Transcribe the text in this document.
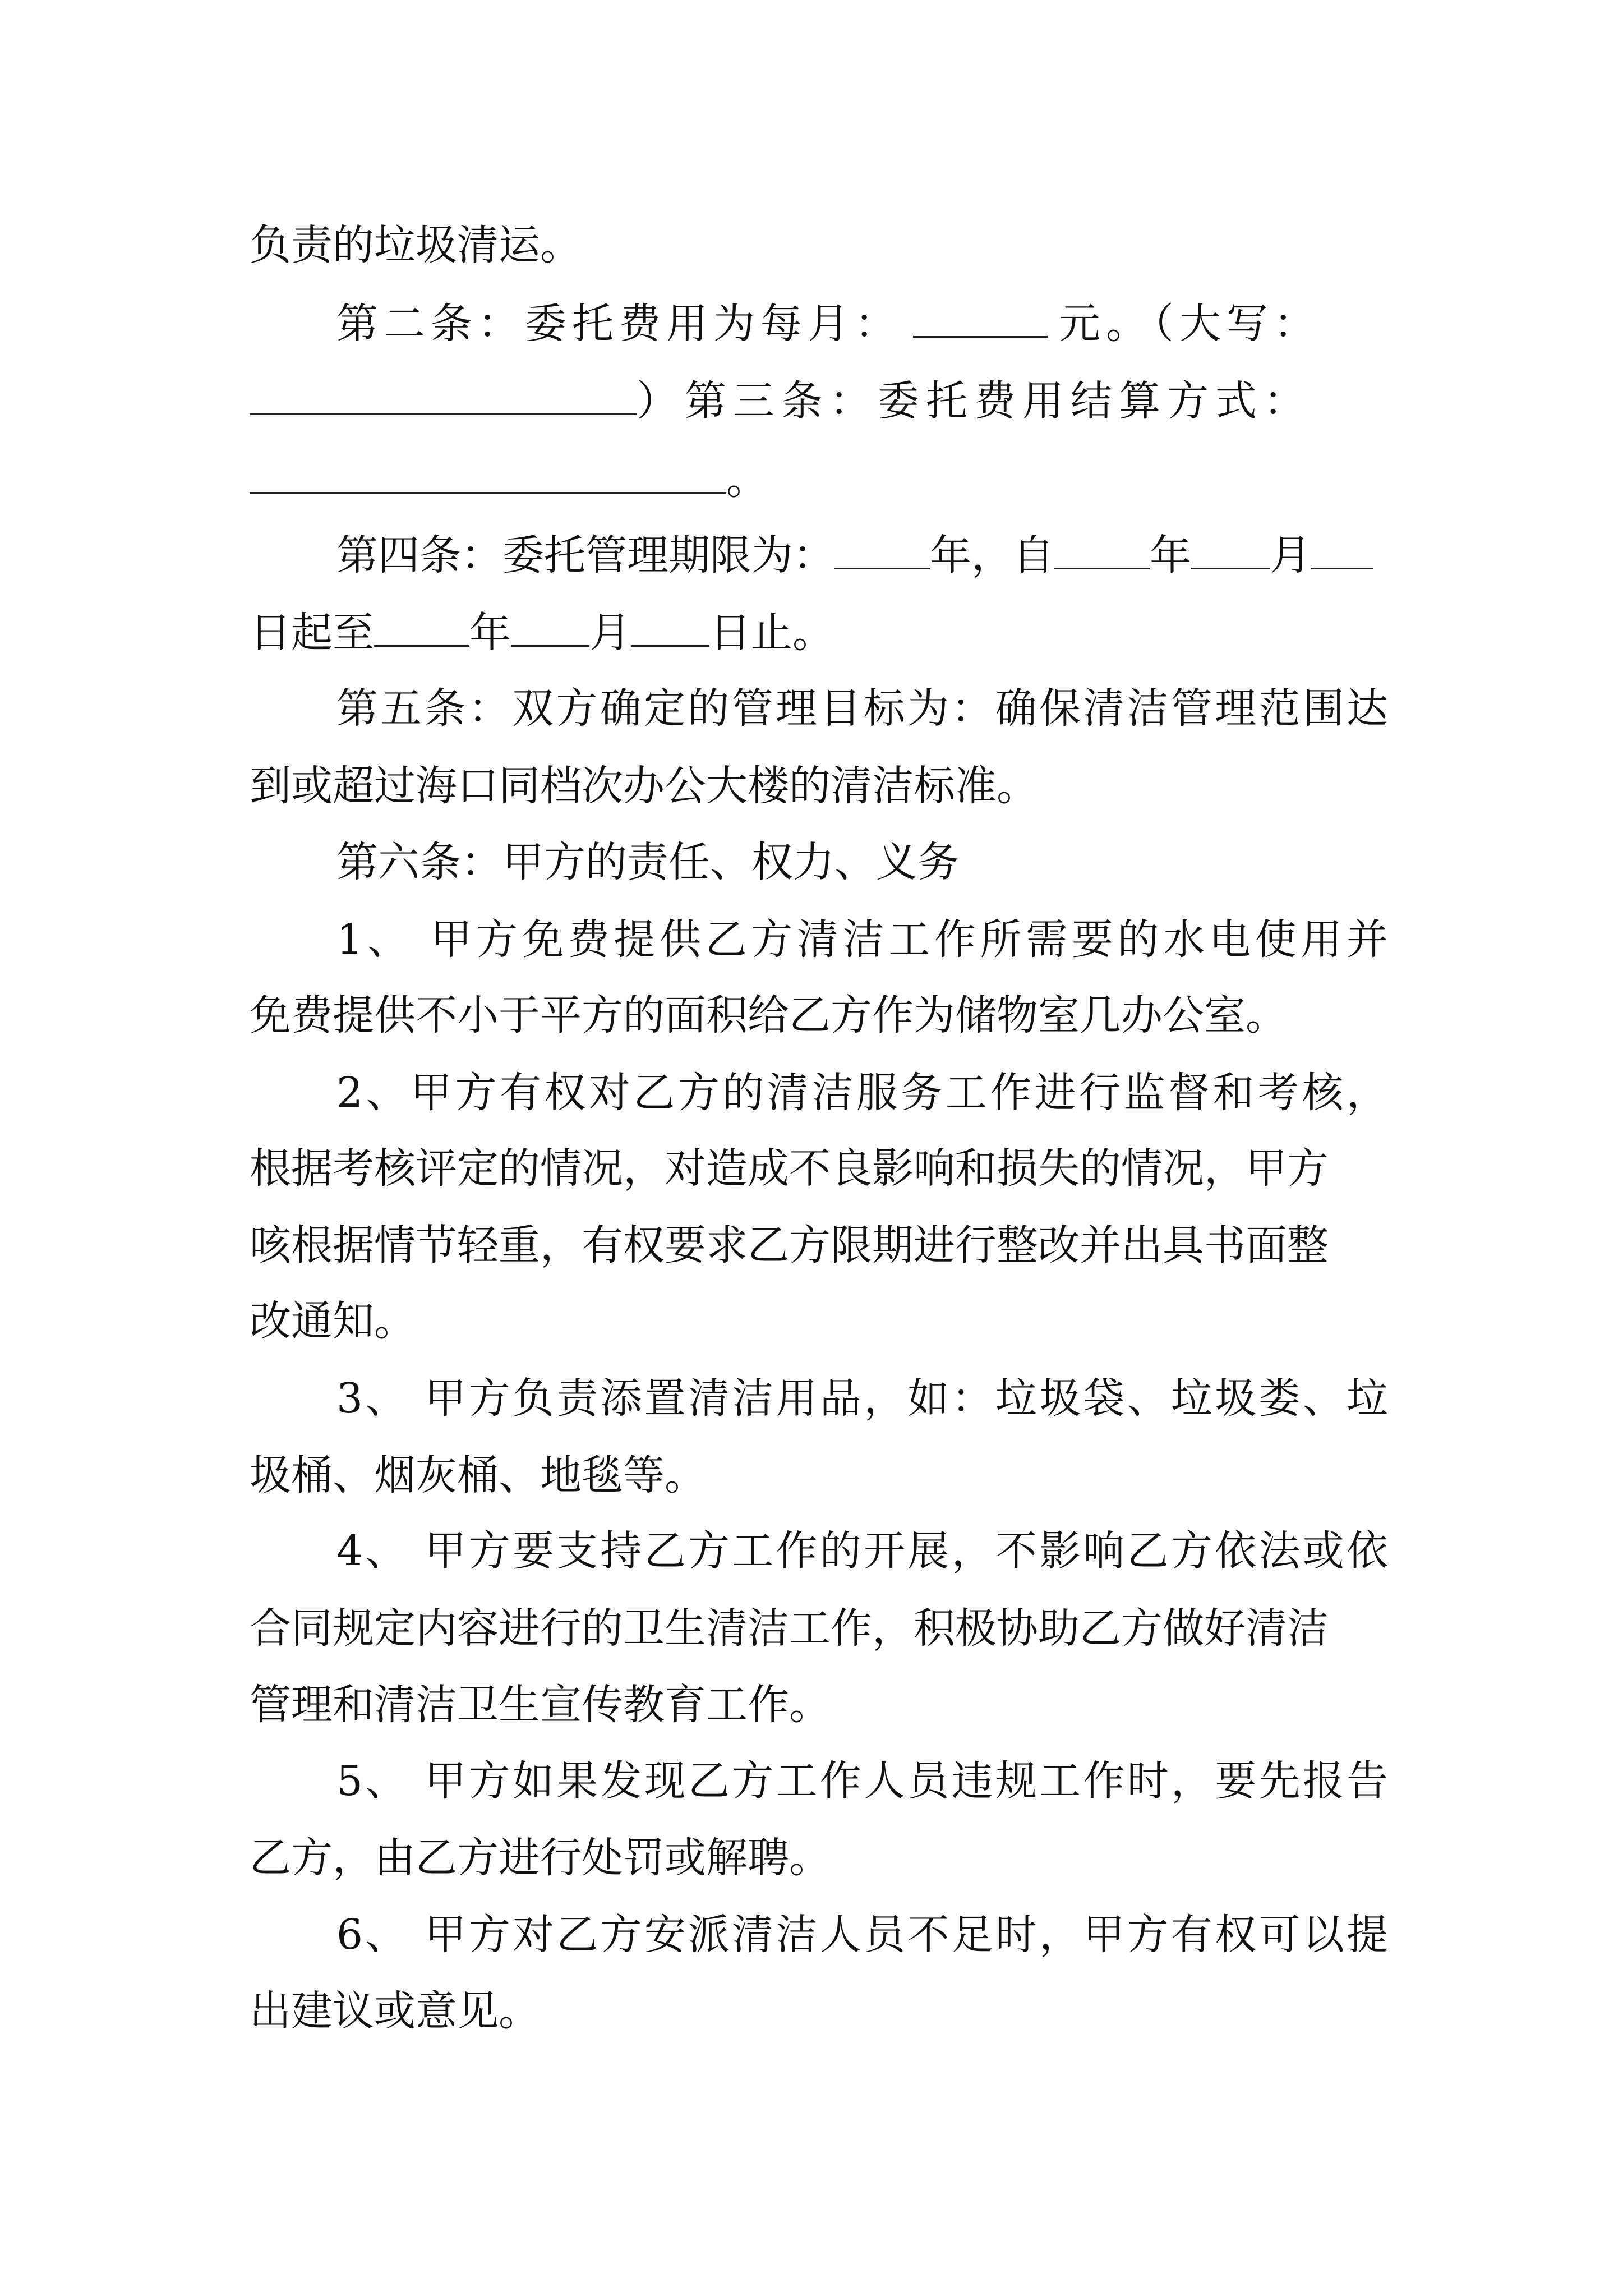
负责的垃圾清运。
第二条：委托费用为每月：	元。（大写：
）第三条：委托费用结算方式：
。
第四条：委托管理期限为： 年，自 年 月
日起至 年 月 日止。
第五条：双方确定的管理目标为：确保清洁管理范围达
到或超过海口同档次办公大楼的清洁标准。
第六条：甲方的责任、权力、义务
1、 甲方免费提供乙方清洁工作所需要的水电使用并
免费提供不小于平方的面积给乙方作为储物室几办公室。
2、甲方有权对乙方的清洁服务工作进行监督和考核，
根据考核评定的情况，对造成不良影响和损失的情况，甲方
咳根据情节轻重，有权要求乙方限期进行整改并出具书面整
改通知。
3、 甲方负责添置清洁用品，如：垃圾袋、垃圾娄、垃
圾桶、烟灰桶、地毯等。
4、 甲方要支持乙方工作的开展，不影响乙方依法或依
合同规定内容进行的卫生清洁工作，积极协助乙方做好清洁
管理和清洁卫生宣传教育工作。
5、 甲方如果发现乙方工作人员违规工作时，要先报告
乙方，由乙方进行处罚或解聘。
6、 甲方对乙方安派清洁人员不足时，甲方有权可以提
出建议或意见。
